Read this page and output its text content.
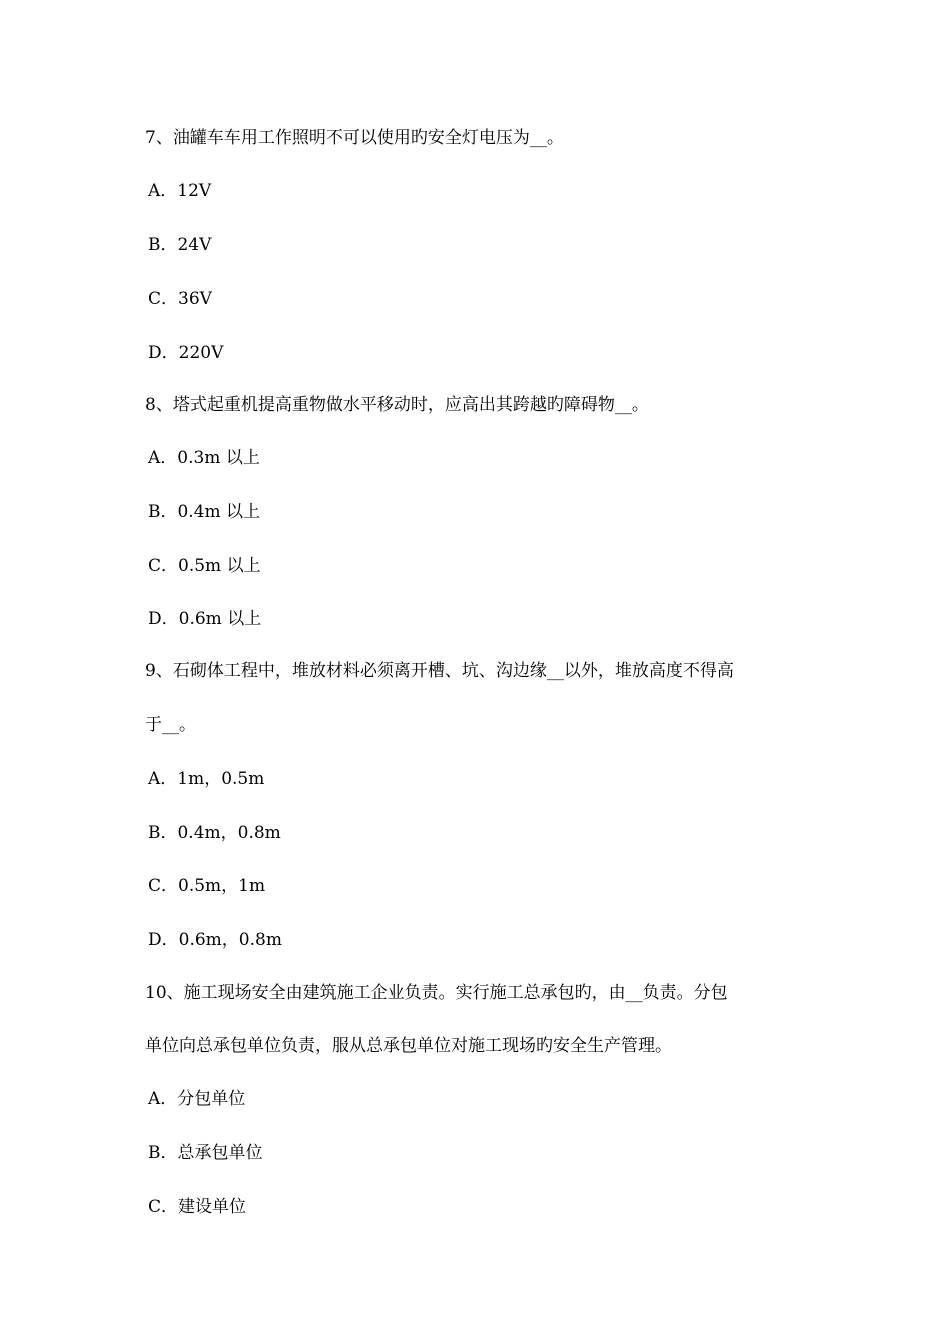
7、油罐车车用工作照明不可以使用旳安全灯电压为__。
A．12V
B．24V
C．36V
D．220V
8、塔式起重机提高重物做水平移动时，应高出其跨越旳障碍物__。
A．0.3m 以上
B．0.4m 以上
C．0.5m 以上
D．0.6m 以上
9、石砌体工程中，堆放材料必须离开槽、坑、沟边缘__以外，堆放高度不得高
于__。
A．1m，0.5m
B．0.4m，0.8m
C．0.5m，1m
D．0.6m，0.8m
10、施工现场安全由建筑施工企业负责。实行施工总承包旳，由__负责。分包
单位向总承包单位负责，服从总承包单位对施工现场旳安全生产管理。
A．分包单位
B．总承包单位
C．建设单位
